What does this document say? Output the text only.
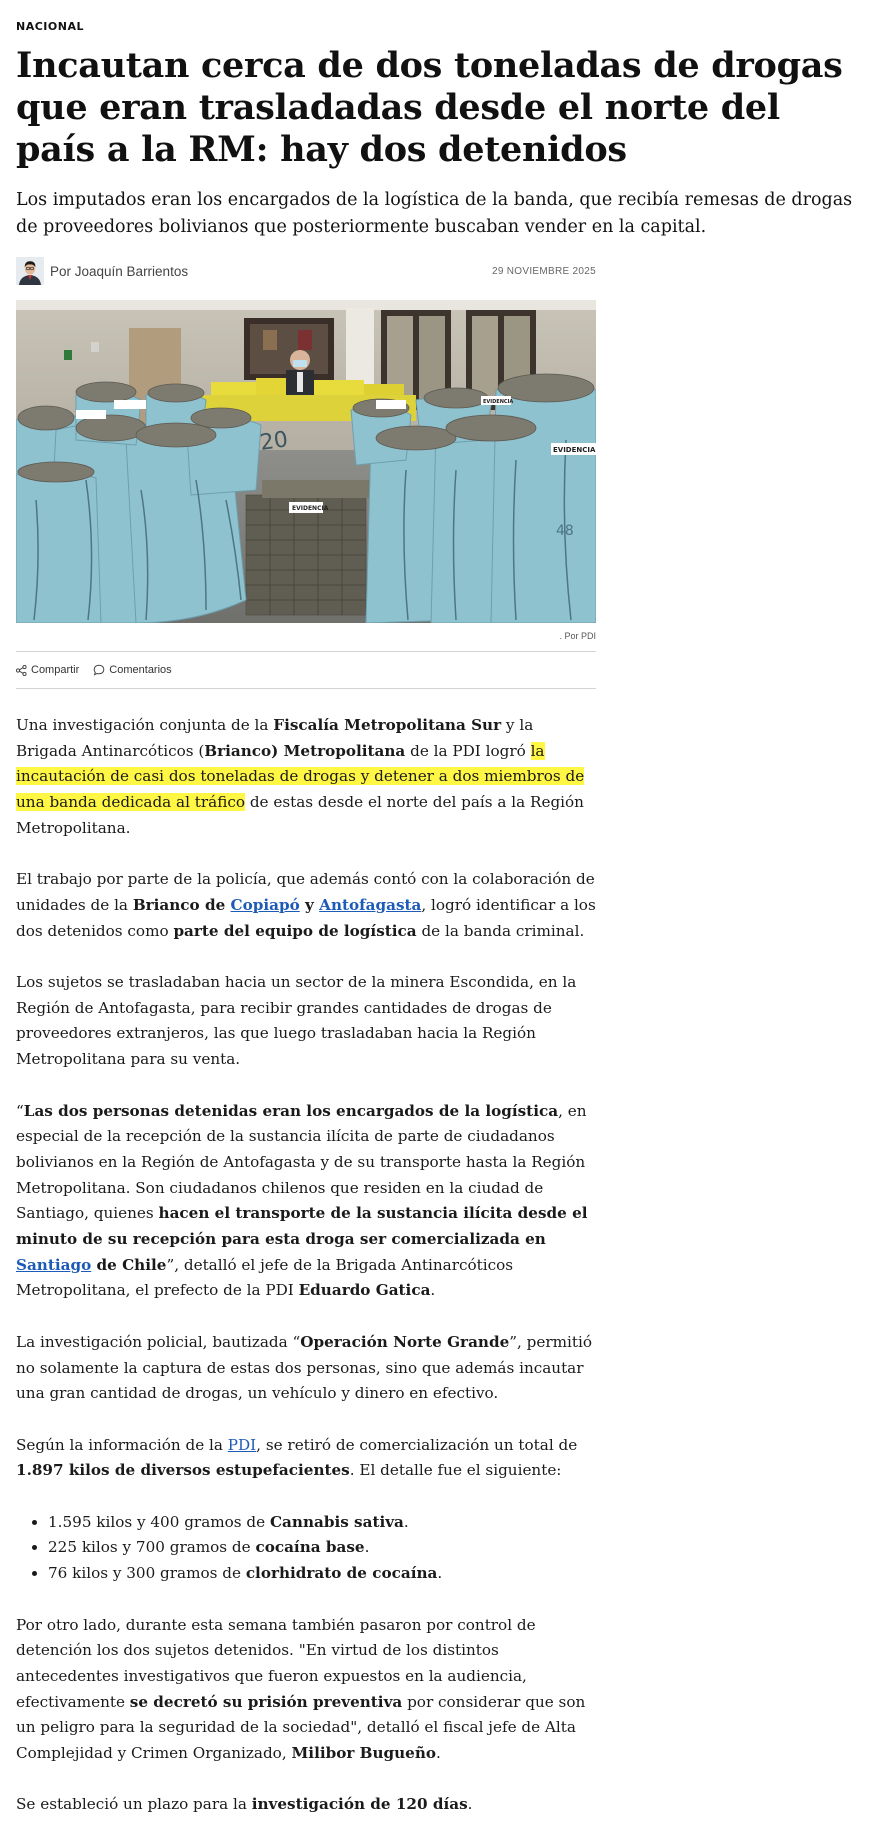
NACIONAL
Incautan cerca de dos toneladas de drogas que eran trasladadas desde el norte del país a la RM: hay dos detenidos
Los imputados eran los encargados de la logística de la banda, que recibía remesas de drogas de proveedores bolivianos que posteriormente buscaban vender en la capital.
Por Joaquín Barrientos	29 NOVIEMBRE 2025
20
48
EVIDENCIA
EVIDENCIA
EVIDENCIA
. Por PDI
Compartir	Comentarios

Una investigación conjunta de la Fiscalía Metropolitana Sur y la Brigada Antinarcóticos (Brianco) Metropolitana de la PDI logró la incautación de casi dos toneladas de drogas y detener a dos miembros de una banda dedicada al tráfico de estas desde el norte del país a la Región Metropolitana.

El trabajo por parte de la policía, que además contó con la colaboración de unidades de la Brianco de Copiapó y Antofagasta, logró identificar a los dos detenidos como parte del equipo de logística de la banda criminal.

Los sujetos se trasladaban hacia un sector de la minera Escondida, en la Región de Antofagasta, para recibir grandes cantidades de drogas de proveedores extranjeros, las que luego trasladaban hacia la Región Metropolitana para su venta.

“Las dos personas detenidas eran los encargados de la logística, en especial de la recepción de la sustancia ilícita de parte de ciudadanos bolivianos en la Región de Antofagasta y de su transporte hasta la Región Metropolitana. Son ciudadanos chilenos que residen en la ciudad de Santiago, quienes hacen el transporte de la sustancia ilícita desde el minuto de su recepción para esta droga ser comercializada en Santiago de Chile”, detalló el jefe de la Brigada Antinarcóticos Metropolitana, el prefecto de la PDI Eduardo Gatica.

La investigación policial, bautizada “Operación Norte Grande”, permitió no solamente la captura de estas dos personas, sino que además incautar una gran cantidad de drogas, un vehículo y dinero en efectivo.

Según la información de la PDI, se retiró de comercialización un total de 1.897 kilos de diversos estupefacientes. El detalle fue el siguiente:

• 1.595 kilos y 400 gramos de Cannabis sativa.
• 225 kilos y 700 gramos de cocaína base.
• 76 kilos y 300 gramos de clorhidrato de cocaína.

Por otro lado, durante esta semana también pasaron por control de detención los dos sujetos detenidos. "En virtud de los distintos antecedentes investigativos que fueron expuestos en la audiencia, efectivamente se decretó su prisión preventiva por considerar que son un peligro para la seguridad de la sociedad", detalló el fiscal jefe de Alta Complejidad y Crimen Organizado, Milibor Bugueño.

Se estableció un plazo para la investigación de 120 días.
